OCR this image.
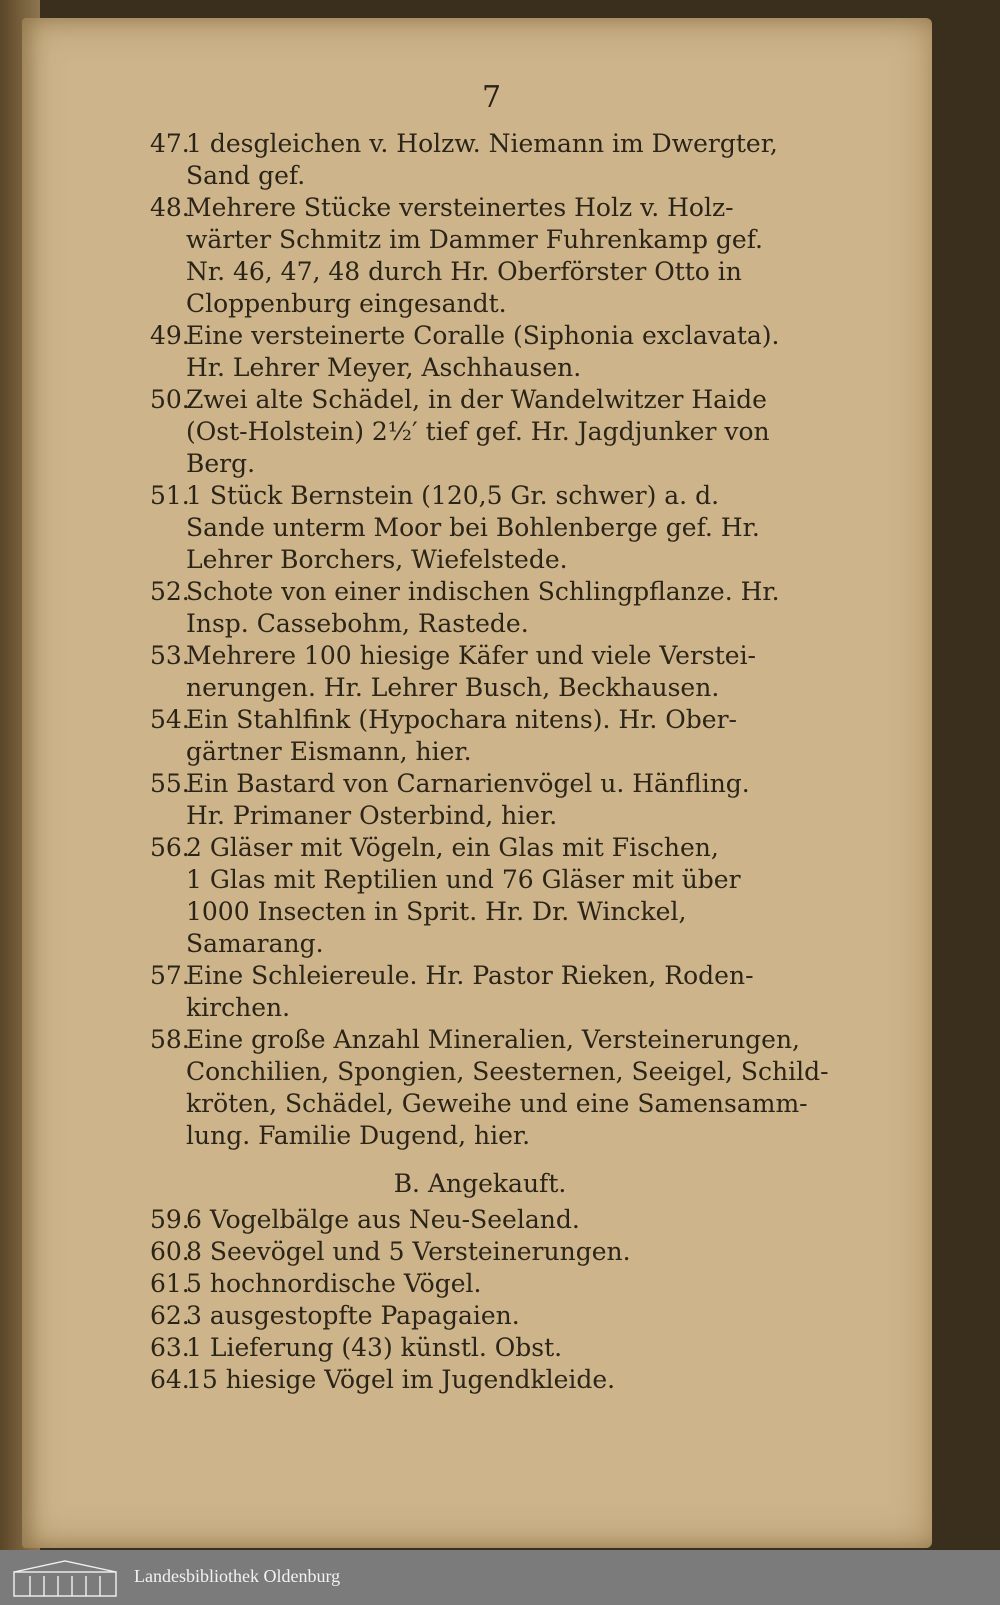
7
47.
1 desgleichen v. Holzw. Niemann im Dwergter,
Sand gef.
48.
Mehrere Stücke versteinertes Holz v. Holz-
wärter Schmitz im Dammer Fuhrenkamp gef.
Nr. 46, 47, 48 durch Hr. Oberförster Otto in
Cloppenburg eingesandt.
49.
Eine versteinerte Coralle (Siphonia exclavata).
Hr. Lehrer Meyer, Aschhausen.
50.
Zwei alte Schädel, in der Wandelwitzer Haide
(Ost-Holstein) 2½′ tief gef. Hr. Jagdjunker von
Berg.
51.
1 Stück Bernstein (120,5 Gr. schwer) a. d.
Sande unterm Moor bei Bohlenberge gef. Hr.
Lehrer Borchers, Wiefelstede.
52.
Schote von einer indischen Schlingpflanze. Hr.
Insp. Cassebohm, Rastede.
53.
Mehrere 100 hiesige Käfer und viele Verstei-
nerungen. Hr. Lehrer Busch, Beckhausen.
54.
Ein Stahlfink (Hypochara nitens). Hr. Ober-
gärtner Eismann, hier.
55.
Ein Bastard von Carnarienvögel u. Hänfling.
Hr. Primaner Osterbind, hier.
56.
2 Gläser mit Vögeln, ein Glas mit Fischen,
1 Glas mit Reptilien und 76 Gläser mit über
1000 Insecten in Sprit. Hr. Dr. Winckel,
Samarang.
57.
Eine Schleiereule. Hr. Pastor Rieken, Roden-
kirchen.
58.
Eine große Anzahl Mineralien, Versteinerungen,
Conchilien, Spongien, Seesternen, Seeigel, Schild-
kröten, Schädel, Geweihe und eine Samensamm-
lung. Familie Dugend, hier.
B. Angekauft.
59.
6 Vogelbälge aus Neu-Seeland.
60.
8 Seevögel und 5 Versteinerungen.
61.
5 hochnordische Vögel.
62.
3 ausgestopfte Papagaien.
63.
1 Lieferung (43) künstl. Obst.
64.
15 hiesige Vögel im Jugendkleide.
Landesbibliothek Oldenburg
